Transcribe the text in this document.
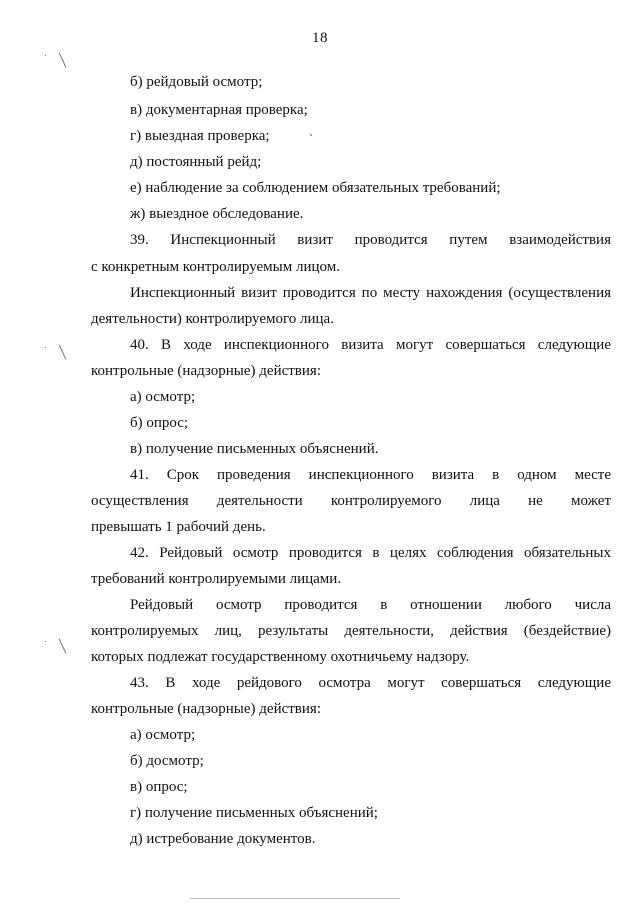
18
б) рейдовый осмотр;
в) документарная проверка;
г) выездная проверка;
д) постоянный рейд;
е) наблюдение за соблюдением обязательных требований;
ж) выездное обследование.
39. Инспекционный визит проводится путем взаимодействия
с конкретным контролируемым лицом.
Инспекционный визит проводится по месту нахождения (осуществления
деятельности) контролируемого лица.
40. В ходе инспекционного визита могут совершаться следующие
контрольные (надзорные) действия:
а) осмотр;
б) опрос;
в) получение письменных объяснений.
41. Срок проведения инспекционного визита в одном месте
осуществления деятельности контролируемого лица не может
превышать 1 рабочий день.
42. Рейдовый осмотр проводится в целях соблюдения обязательных
требований контролируемыми лицами.
Рейдовый осмотр проводится в отношении любого числа
контролируемых лиц, результаты деятельности, действия (бездействие)
которых подлежат государственному охотничьему надзору.
43. В ходе рейдового осмотра могут совершаться следующие
контрольные (надзорные) действия:
а) осмотр;
б) досмотр;
в) опрос;
г) получение письменных объяснений;
д) истребование документов.
